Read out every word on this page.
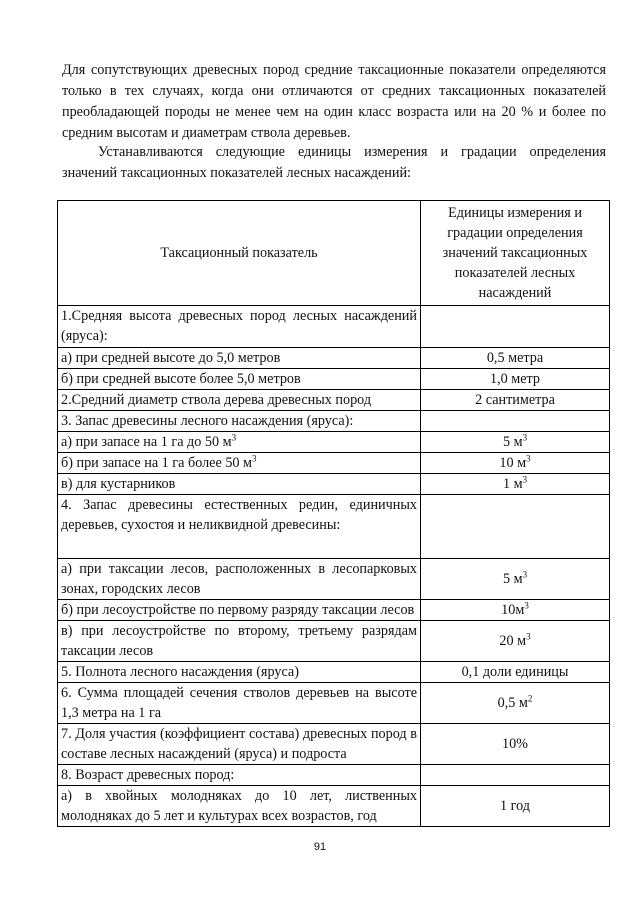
Для сопутствующих древесных пород средние таксационные показатели определяются только в тех случаях, когда они отличаются от средних таксационных показателей преобладающей породы не менее чем на один класс возраста или на 20 % и более по средним высотам и диаметрам ствола деревьев.

Устанавливаются следующие единицы измерения и градации определения значений таксационных показателей лесных насаждений:

Таксационный показатель	Единицы измерения и градации определения значений таксационных показателей лесных насаждений
1.Средняя высота древесных пород лесных насаждений (яруса):	
а) при средней высоте до 5,0 метров	0,5 метра
б) при средней высоте более 5,0 метров	1,0 метр
2.Средний диаметр ствола дерева древесных пород	2 сантиметра
3. Запас древесины лесного насаждения (яруса):	
а) при запасе на 1 га до 50 $м^3$	5 $м^3$
б) при запасе на 1 га более 50 $м^3$	10 $м^3$
в) для кустарников	1 $м^3$
4. Запас древесины естественных редин, единичных деревьев, сухостоя и неликвидной древесины:	
а) при таксации лесов, расположенных в лесопарковых зонах, городских лесов	5 $м^3$
б) при лесоустройстве по первому разряду таксации лесов	$10м^3$
в) при лесоустройстве по второму, третьему разрядам таксации лесов	20 $м^3$
5. Полнота лесного насаждения (яруса)	0,1 доли единицы
6. Сумма площадей сечения стволов деревьев на высоте 1,3 метра на 1 га	0,5 $м^2$
7. Доля участия (коэффициент состава) древесных пород в составе лесных насаждений (яруса) и подроста	10%
8. Возраст древесных пород:	
а) в хвойных молодняках до 10 лет, лиственных молодняках до 5 лет и культурах всех возрастов, год	1 год
91
